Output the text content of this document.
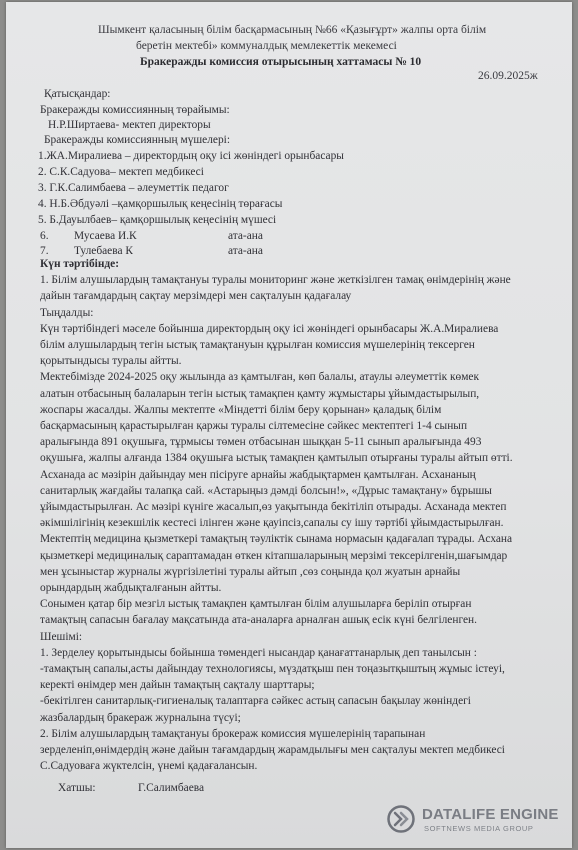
Шымкент қаласының білім басқармасының №66 «Қазығұрт» жалпы орта білім
беретін мектебі» коммуналдық мемлекеттік мекемесі
Бракеражды комиссия отырысының хаттамасы № 10
26.09.2025ж
Қатысқандар:
Бракеражды комиссиянның төрайымы:
Н.Р.Ширтаева- мектеп директоры
Бракеражды комиссиянның мүшелері:
1.ЖА.Миралиева – директордың оқу ісі жөніндегі орынбасары
2. С.К.Садуова– мектеп медбикесі
3. Г.К.Салимбаева – әлеуметтік педагог
4. Н.Б.Әбдуәлі –қамқоршылық кеңесінің төрағасы
5. Б.Дауылбаев– қамқоршылық кеңесінің мүшесі
6. Мусаева И.К	ата-ана
7. Тулебаева К	ата-ана
Күн тәртібінде:
1. Білім алушылардың тамақтануы туралы мониторинг және жеткізілген тамақ өнімдерінің және
дайын тағамдардың сақтау мерзімдері мен сақталуын қадағалау
Тыңдалды:
Күн тәртібіндегі мәселе бойынша директордың оқу ісі жөніндегі орынбасары Ж.А.Миралиева
білім алушылардың тегін ыстық тамақтануын құрылған комиссия мүшелерінің тексерген
қорытындысы туралы айтты.
Мектебімізде 2024-2025 оқу жылында аз қамтылған, көп балалы, атаулы әлеуметтік көмек
алатын отбасының балаларын тегін ыстық тамақпен қамту жұмыстары ұйымдастырылып,
жоспары жасалды. Жалпы мектепте «Міндетті білім беру қорынан» қаладық білім
басқармасының қарастырылған қаржы туралы сілтемесіне сәйкес мектептегі 1-4 сынып
аралығында 891 оқушыға, тұрмысы төмен отбасынан шыққан 5-11 сынып аралығында 493
оқушыға, жалпы алғанда 1384 оқушыға ыстық тамақпен қамтылып отырғаны туралы айтып өтті.
Асханада ас мәзірін дайындау мен пісіруге арнайы жабдықтармен қамтылған. Асхананың
санитарлық жағдайы талапқа сай. «Астарыңыз дәмді болсын!», «Дұрыс тамақтану» бұрышы
ұйымдастырылған. Ас мәзірі күніге жасалып,өз уақытында бекітіліп отырады. Асханада мектеп
әкімшілігінің кезекшілік кестесі ілінген және қауіпсіз,сапалы су ішу тәртібі ұйымдастырылған.
Мектептің медицина қызметкері тамақтың тәуліктік сынама нормасын қадағалап тұрады. Асхана
қызметкері медициналық сараптамадан өткен кітапшаларының мерзімі тексерілгенін,шағымдар
мен ұсыныстар журналы жүргізілетіні туралы айтып ,сөз соңында қол жуатын арнайы
орындардың жабдықталғанын айтты.
Сонымен қатар бір мезгіл ыстық тамақпен қамтылған білім алушыларға беріліп отырған
тамақтың сапасын бағалау мақсатында ата-аналарға арналған ашық есік күні белгіленген.
Шешімі:
1. Зерделеу қорытындысы бойынша төмендегі нысандар қанағаттанарлық деп танылсын :
-тамақтың сапалы,асты дайындау технологиясы, мүздатқыш пен тоңазытқыштың жұмыс істеуі,
керекті өнімдер мен дайын тамақтың сақталу шарттары;
-бекітілген санитарлық-гигиеналық талаптарға сәйкес астың сапасын бақылау жөніндегі
жазбалардың бракераж журналына түсуі;
2. Білім алушылардың тамақтануы брокераж комиссия мүшелерінің тарапынан
зерделеніп,өнімдердің және дайын тағамдардың жарамдылығы мен сақталуы мектеп медбикесі
С.Садуоваға жүктелсін, үнемі қадағалансын.
Хатшы:	Г.Салимбаева
DATALIFE ENGINE
SOFTNEWS MEDIA GROUP
